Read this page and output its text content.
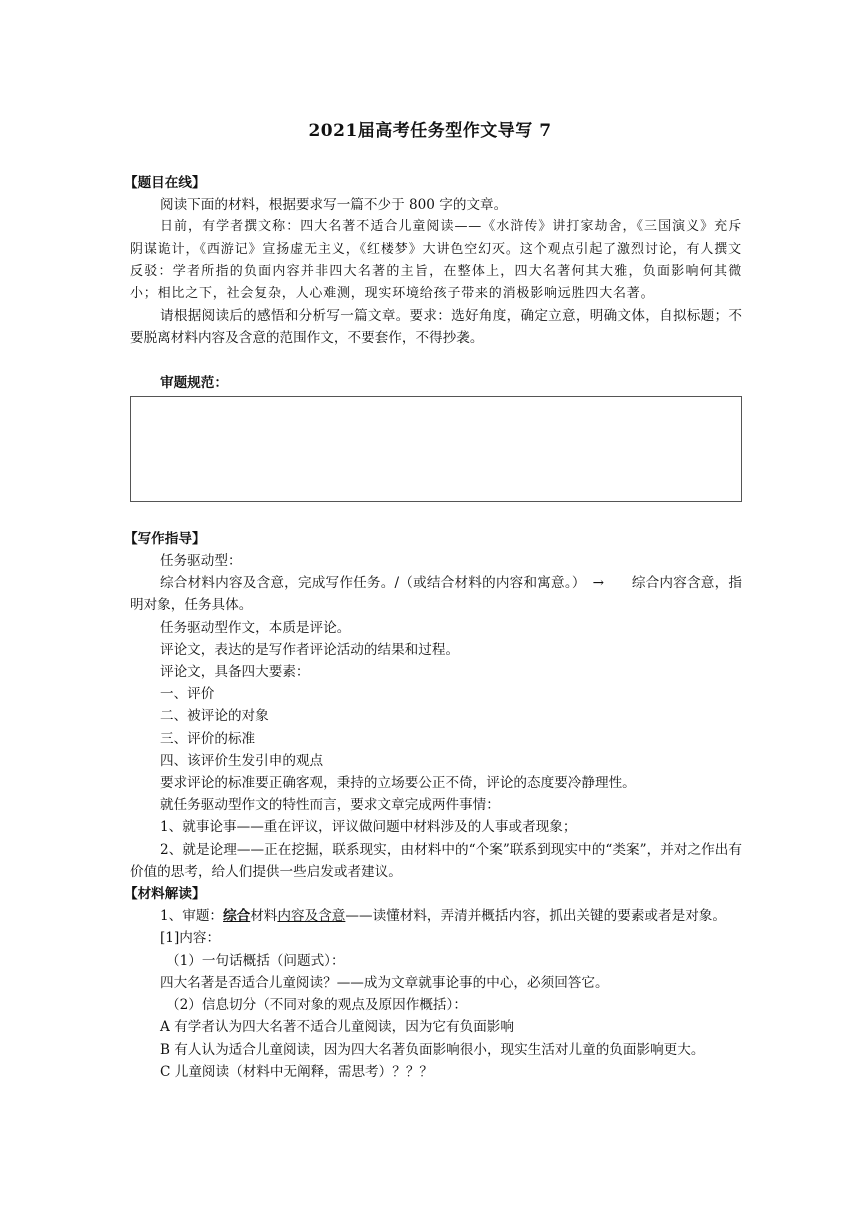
2021届高考任务型作文导写 7
【题目在线】
阅读下面的材料，根据要求写一篇不少于 800 字的文章。
日前，有学者撰文称：四大名著不适合儿童阅读——《水浒传》讲打家劫舍，《三国演义》充斥阴谋诡计，《西游记》宣扬虚无主义，《红楼梦》大讲色空幻灭。这个观点引起了激烈讨论，有人撰文反驳：学者所指的负面内容并非四大名著的主旨，在整体上，四大名著何其大雅，负面影响何其微小；相比之下，社会复杂，人心难测，现实环境给孩子带来的消极影响远胜四大名著。
请根据阅读后的感悟和分析写一篇文章。要求：选好角度，确定立意，明确文体，自拟标题；不要脱离材料内容及含意的范围作文，不要套作，不得抄袭。
审题规范：
【写作指导】
任务驱动型：
综合材料内容及含意，完成写作任务。/（或结合材料的内容和寓意。）　→　　综合内容含意，指明对象，任务具体。
任务驱动型作文，本质是评论。
评论文，表达的是写作者评论活动的结果和过程。
评论文，具备四大要素：
一、评价
二、被评论的对象
三、评价的标准
四、该评价生发引申的观点
要求评论的标准要正确客观，秉持的立场要公正不倚，评论的态度要冷静理性。
就任务驱动型作文的特性而言，要求文章完成两件事情：
1、就事论事——重在评议，评议做问题中材料涉及的人事或者现象；
2、就是论理——正在挖掘，联系现实，由材料中的“个案”联系到现实中的“类案”，并对之作出有价值的思考，给人们提供一些启发或者建议。
【材料解读】
1、审题：综合材料内容及含意——读懂材料，弄清并概括内容，抓出关键的要素或者是对象。
[1]内容：
（1）一句话概括（问题式）：
四大名著是否适合儿童阅读？——成为文章就事论事的中心，必须回答它。
（2）信息切分（不同对象的观点及原因作概括）：
A 有学者认为四大名著不适合儿童阅读，因为它有负面影响
B 有人认为适合儿童阅读，因为四大名著负面影响很小，现实生活对儿童的负面影响更大。
C 儿童阅读（材料中无阐释，需思考）？？？
